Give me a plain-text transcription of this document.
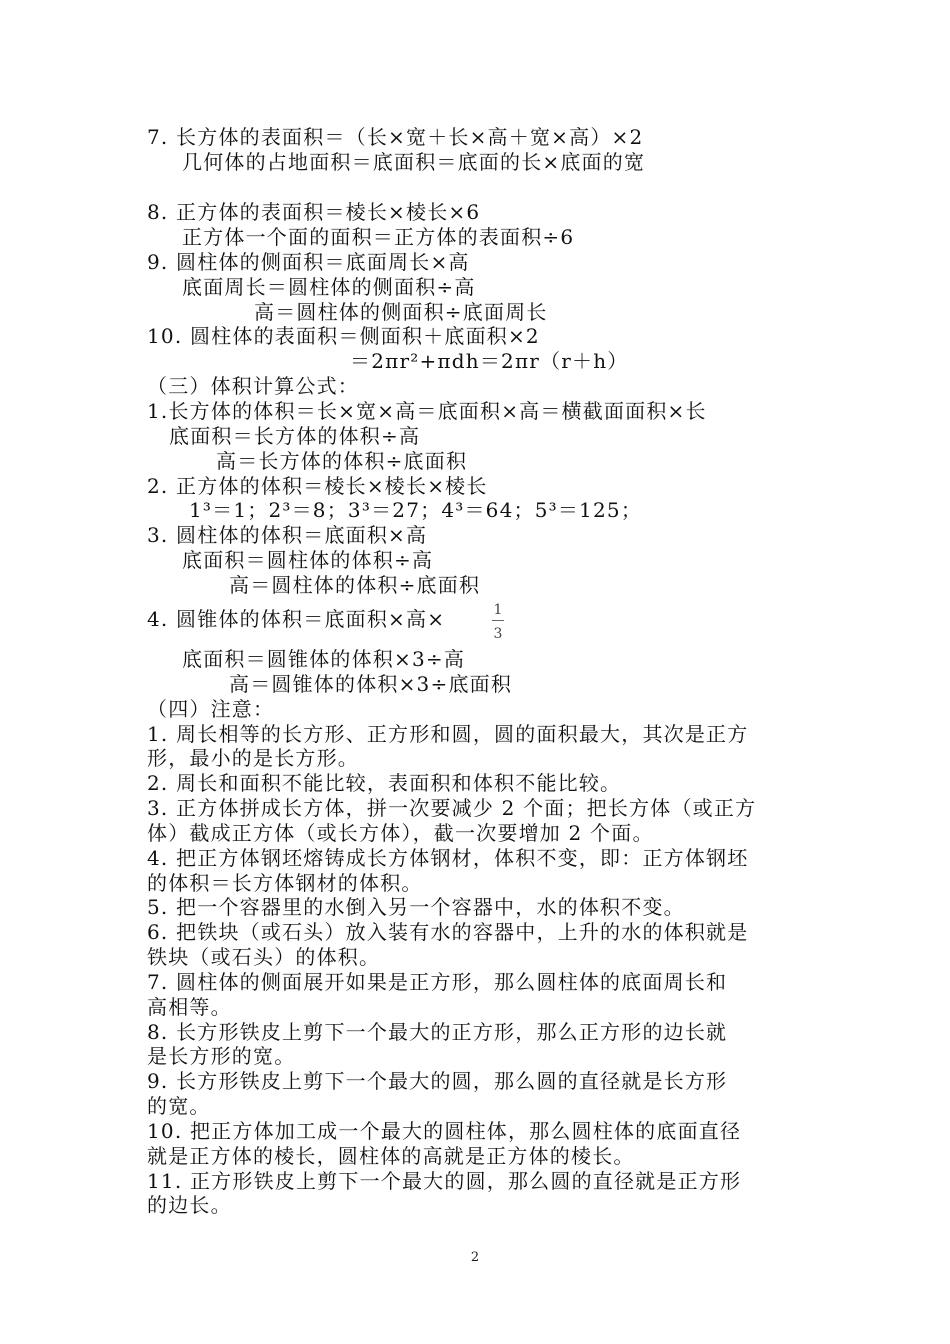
7. 长方体的表面积＝（长×宽＋长×高＋宽×高）×2
几何体的占地面积＝底面积＝底面的长×底面的宽
8. 正方体的表面积＝棱长×棱长×6
正方体一个面的面积＝正方体的表面积÷6
9. 圆柱体的侧面积＝底面周长×高
底面周长＝圆柱体的侧面积÷高
高＝圆柱体的侧面积÷底面周长
10. 圆柱体的表面积＝侧面积＋底面积×2
＝2πr²+πdh＝2πr（r＋h）
（三）体积计算公式：
1.长方体的体积＝长×宽×高＝底面积×高＝横截面面积×长
底面积＝长方体的体积÷高
高＝长方体的体积÷底面积
2. 正方体的体积＝棱长×棱长×棱长
1³＝1；2³＝8；3³＝27；4³＝64；5³＝125；
3. 圆柱体的体积＝底面积×高
底面积＝圆柱体的体积÷高
高＝圆柱体的体积÷底面积
4. 圆锥体的体积＝底面积×高×	1
3
底面积＝圆锥体的体积×3÷高
高＝圆锥体的体积×3÷底面积
（四）注意：
1. 周长相等的长方形、正方形和圆，圆的面积最大，其次是正方
形，最小的是长方形。
2. 周长和面积不能比较，表面积和体积不能比较。
3. 正方体拼成长方体，拼一次要减少 2 个面；把长方体（或正方
体）截成正方体（或长方体），截一次要增加 2 个面。
4. 把正方体钢坯熔铸成长方体钢材，体积不变，即：正方体钢坯
的体积＝长方体钢材的体积。
5. 把一个容器里的水倒入另一个容器中，水的体积不变。
6. 把铁块（或石头）放入装有水的容器中，上升的水的体积就是
铁块（或石头）的体积。
7. 圆柱体的侧面展开如果是正方形，那么圆柱体的底面周长和
高相等。
8. 长方形铁皮上剪下一个最大的正方形，那么正方形的边长就
是长方形的宽。
9. 长方形铁皮上剪下一个最大的圆，那么圆的直径就是长方形
的宽。
10. 把正方体加工成一个最大的圆柱体，那么圆柱体的底面直径
就是正方体的棱长，圆柱体的高就是正方体的棱长。
11. 正方形铁皮上剪下一个最大的圆，那么圆的直径就是正方形
的边长。
2
